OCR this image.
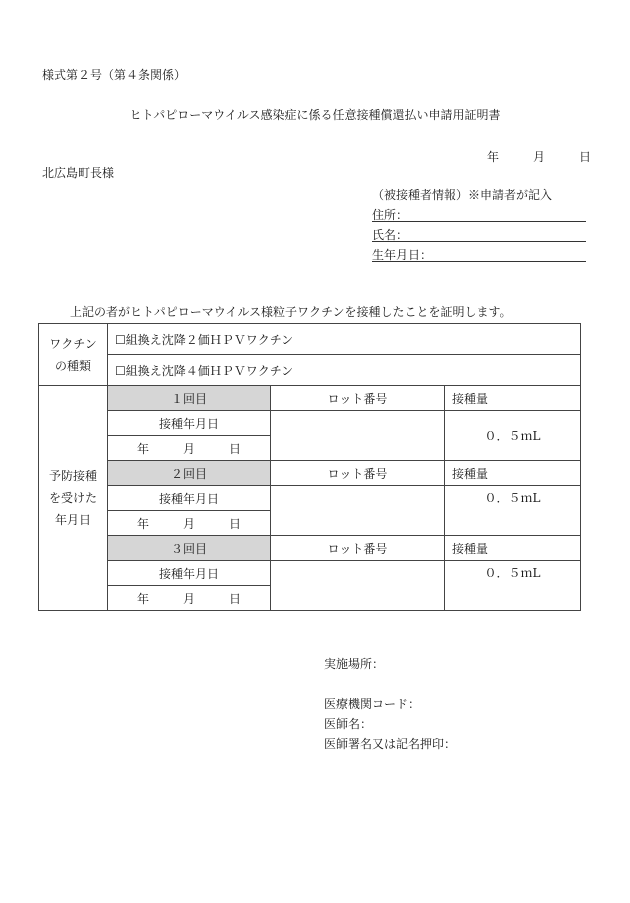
様式第２号（第４条関係）
ヒトパピローマウイルス感染症に係る任意接種償還払い申請用証明書
年	月	日
北広島町長様
（被接種者情報）※申請者が記入
住所：
氏名：
生年月日：
上記の者がヒトパピローマウイルス様粒子ワクチンを接種したことを証明します。
ワクチン
の種類	☐組換え沈降２価ＨＰＶワクチン		
	☐組換え沈降４価ＨＰＶワクチン		

予防接種
を受けた
年月日	１回目	ロット番号	接種量
	接種年月日		０．５ｍL
	年 月 日		
	２回目	ロット番号	接種量
	接種年月日		０．５ｍL
	年 月 日		
	３回目	ロット番号	接種量
	接種年月日		０．５ｍL
	年 月 日		
実施場所：
医療機関コード：
医師名：
医師署名又は記名押印：
